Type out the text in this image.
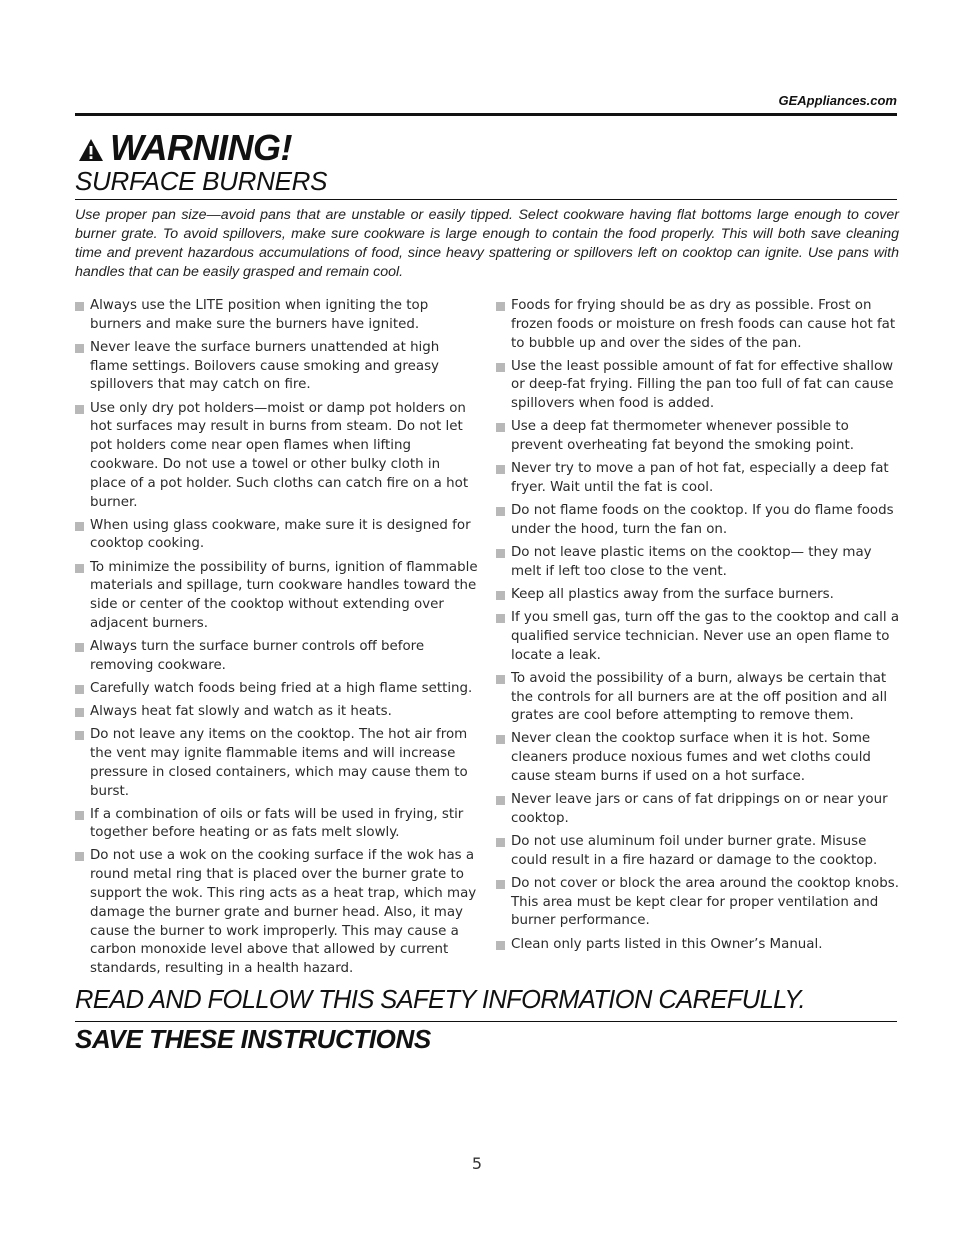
GEAppliances.com
WARNING!
SURFACE BURNERS
Use proper pan size—avoid pans that are unstable or easily tipped. Select cookware having flat bottoms large enough to cover burner grate. To avoid spillovers, make sure cookware is large enough to contain the food properly. This will both save cleaning time and prevent hazardous accumulations of food, since heavy spattering or spillovers left on cooktop can ignite. Use pans with handles that can be easily grasped and remain cool.
Always use the LITE position when igniting the top burners and make sure the burners have ignited.
Never leave the surface burners unattended at high flame settings. Boilovers cause smoking and greasy spillovers that may catch on fire.
Use only dry pot holders—moist or damp pot holders on hot surfaces may result in burns from steam. Do not let pot holders come near open flames when lifting cookware. Do not use a towel or other bulky cloth in place of a pot holder. Such cloths can catch fire on a hot burner.
When using glass cookware, make sure it is designed for cooktop cooking.
To minimize the possibility of burns, ignition of flammable materials and spillage, turn cookware handles toward the side or center of the cooktop without extending over adjacent burners.
Always turn the surface burner controls off before removing cookware.
Carefully watch foods being fried at a high flame setting.
Always heat fat slowly and watch as it heats.
Do not leave any items on the cooktop. The hot air from the vent may ignite flammable items and will increase pressure in closed containers, which may cause them to burst.
If a combination of oils or fats will be used in frying, stir together before heating or as fats melt slowly.
Do not use a wok on the cooking surface if the wok has a round metal ring that is placed over the burner grate to support the wok. This ring acts as a heat trap, which may damage the burner grate and burner head. Also, it may cause the burner to work improperly. This may cause a carbon monoxide level above that allowed by current standards, resulting in a health hazard.
Foods for frying should be as dry as possible. Frost on frozen foods or moisture on fresh foods can cause hot fat to bubble up and over the sides of the pan.
Use the least possible amount of fat for effective shallow or deep-fat frying. Filling the pan too full of fat can cause spillovers when food is added.
Use a deep fat thermometer whenever possible to prevent overheating fat beyond the smoking point.
Never try to move a pan of hot fat, especially a deep fat fryer. Wait until the fat is cool.
Do not flame foods on the cooktop. If you do flame foods under the hood, turn the fan on.
Do not leave plastic items on the cooktop— they may melt if left too close to the vent.
Keep all plastics away from the surface burners.
If you smell gas, turn off the gas to the cooktop and call a qualified service technician. Never use an open flame to locate a leak.
To avoid the possibility of a burn, always be certain that the controls for all burners are at the off position and all grates are cool before attempting to remove them.
Never clean the cooktop surface when it is hot. Some cleaners produce noxious fumes and wet cloths could cause steam burns if used on a hot surface.
Never leave jars or cans of fat drippings on or near your cooktop.
Do not use aluminum foil under burner grate. Misuse could result in a fire hazard or damage to the cooktop.
Do not cover or block the area around the cooktop knobs. This area must be kept clear for proper ventilation and burner performance.
Clean only parts listed in this Owner’s Manual.
READ AND FOLLOW THIS SAFETY INFORMATION CAREFULLY.
SAVE THESE INSTRUCTIONS
5
